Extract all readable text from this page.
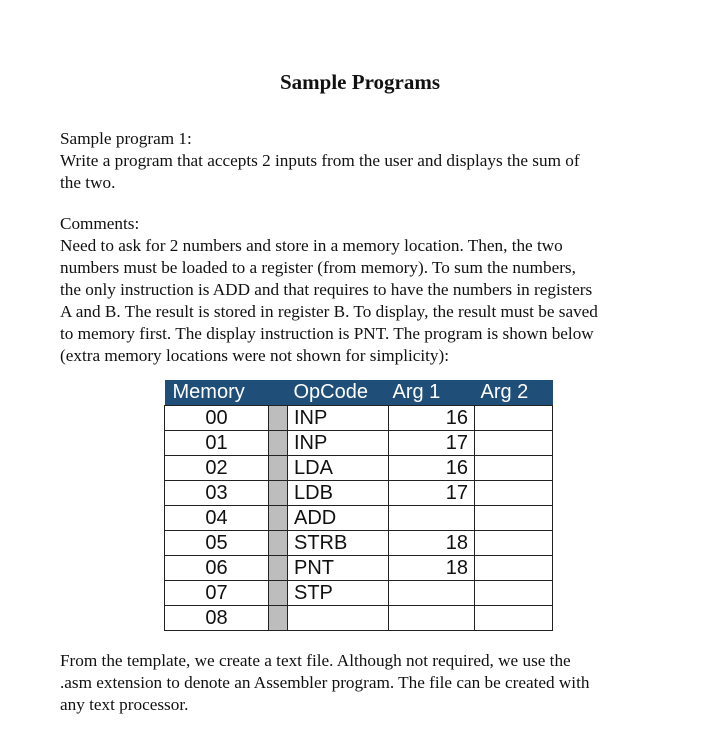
Sample Programs

Sample program 1:
Write a program that accepts 2 inputs from the user and displays the sum of
the two.

Comments:
Need to ask for 2 numbers and store in a memory location. Then, the two
numbers must be loaded to a register (from memory). To sum the numbers,
the only instruction is ADD and that requires to have the numbers in registers
A and B. The result is stored in register B. To display, the result must be saved
to memory first. The display instruction is PNT. The program is shown below
(extra memory locations were not shown for simplicity):

Memory		OpCode	Arg 1	Arg 2
00		INP	16	
01		INP	17	
02		LDA	16	
03		LDB	17	
04		ADD		
05		STRB	18	
06		PNT	18	
07		STP		
08				

From the template, we create a text file. Although not required, we use the
.asm extension to denote an Assembler program. The file can be created with
any text processor.
